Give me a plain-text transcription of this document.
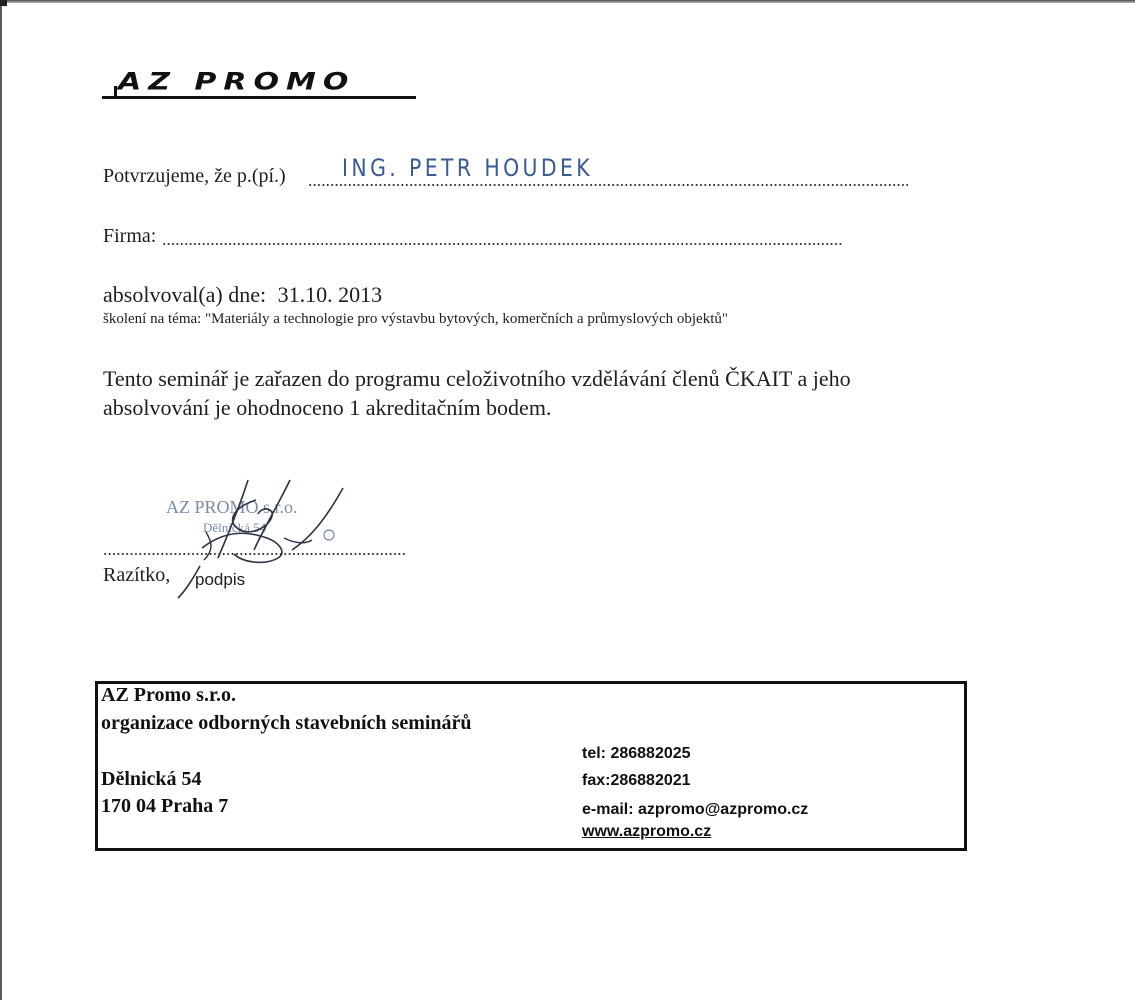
AZ PROMO
Potvrzujeme, že p.(pí.) ING. PETR HOUDEK
Firma:
absolvoval(a) dne: 31.10. 2013
školení na téma: "Materiály a technologie pro výstavbu bytových, komerčních a průmyslových objektů"
Tento seminář je zařazen do programu celoživotního vzdělávání členů ČKAIT a jeho
absolvování je ohodnoceno 1 akreditačním bodem.
AZ PROMO s.r.o.
Dělnická 54
Razítko, podpis
AZ Promo s.r.o.
organizace odborných stavebních seminářů
Dělnická 54
170 04 Praha 7
tel: 286882025
fax:286882021
e-mail: azpromo@azpromo.cz
www.azpromo.cz
